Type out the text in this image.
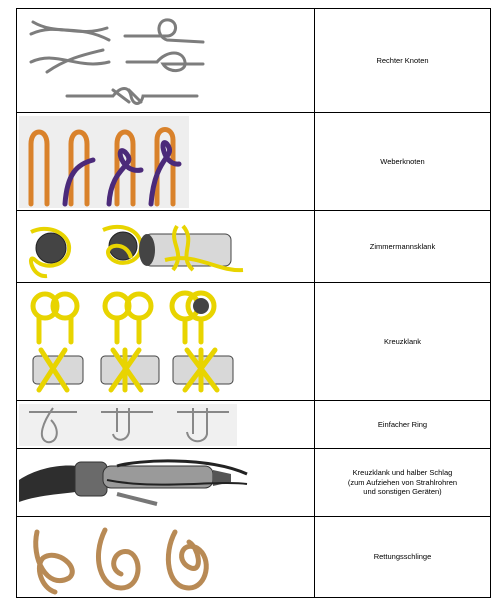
	Rechter Knoten

	Weberknoten

	Zimmermannsklank

	Kreuzklank

	Einfacher Ring

	Kreuzklank und halber Schlag
(zum Aufziehen von Strahlrohren
und sonstigen Geräten)

	Rettungsschlinge
